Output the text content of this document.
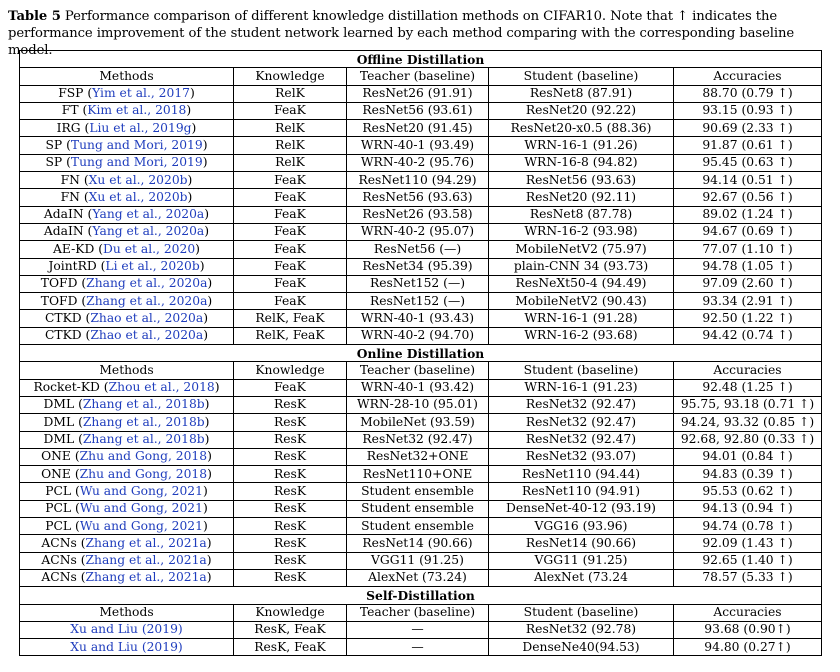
Table 5 Performance comparison of different knowledge distillation methods on CIFAR10. Note that ↑ indicates the performance improvement of the student network learned by each method comparing with the corresponding baseline model.
Offline Distillation				
Methods	Knowledge	Teacher (baseline)	Student (baseline)	Accuracies
FSP (Yim et al., 2017)	RelK	ResNet26 (91.91)	ResNet8 (87.91)	88.70 (0.79 ↑)
FT (Kim et al., 2018)	FeaK	ResNet56 (93.61)	ResNet20 (92.22)	93.15 (0.93 ↑)
IRG (Liu et al., 2019g)	RelK	ResNet20 (91.45)	ResNet20-x0.5 (88.36)	90.69 (2.33 ↑)
SP (Tung and Mori, 2019)	RelK	WRN-40-1 (93.49)	WRN-16-1 (91.26)	91.87 (0.61 ↑)
SP (Tung and Mori, 2019)	RelK	WRN-40-2 (95.76)	WRN-16-8 (94.82)	95.45 (0.63 ↑)
FN (Xu et al., 2020b)	FeaK	ResNet110 (94.29)	ResNet56 (93.63)	94.14 (0.51 ↑)
FN (Xu et al., 2020b)	FeaK	ResNet56 (93.63)	ResNet20 (92.11)	92.67 (0.56 ↑)
AdaIN (Yang et al., 2020a)	FeaK	ResNet26 (93.58)	ResNet8 (87.78)	89.02 (1.24 ↑)
AdaIN (Yang et al., 2020a)	FeaK	WRN-40-2 (95.07)	WRN-16-2 (93.98)	94.67 (0.69 ↑)
AE-KD (Du et al., 2020)	FeaK	ResNet56 (—)	MobileNetV2 (75.97)	77.07 (1.10 ↑)
JointRD (Li et al., 2020b)	FeaK	ResNet34 (95.39)	plain-CNN 34 (93.73)	94.78 (1.05 ↑)
TOFD (Zhang et al., 2020a)	FeaK	ResNet152 (—)	ResNeXt50-4 (94.49)	97.09 (2.60 ↑)
TOFD (Zhang et al., 2020a)	FeaK	ResNet152 (—)	MobileNetV2 (90.43)	93.34 (2.91 ↑)
CTKD (Zhao et al., 2020a)	RelK, FeaK	WRN-40-1 (93.43)	WRN-16-1 (91.28)	92.50 (1.22 ↑)
CTKD (Zhao et al., 2020a)	RelK, FeaK	WRN-40-2 (94.70)	WRN-16-2 (93.68)	94.42 (0.74 ↑)
Online Distillation				
Methods	Knowledge	Teacher (baseline)	Student (baseline)	Accuracies
Rocket-KD (Zhou et al., 2018)	FeaK	WRN-40-1 (93.42)	WRN-16-1 (91.23)	92.48 (1.25 ↑)
DML (Zhang et al., 2018b)	ResK	WRN-28-10 (95.01)	ResNet32 (92.47)	95.75, 93.18 (0.71 ↑)
DML (Zhang et al., 2018b)	ResK	MobileNet (93.59)	ResNet32 (92.47)	94.24, 93.32 (0.85 ↑)
DML (Zhang et al., 2018b)	ResK	ResNet32 (92.47)	ResNet32 (92.47)	92.68, 92.80 (0.33 ↑)
ONE (Zhu and Gong, 2018)	ResK	ResNet32+ONE	ResNet32 (93.07)	94.01 (0.84 ↑)
ONE (Zhu and Gong, 2018)	ResK	ResNet110+ONE	ResNet110 (94.44)	94.83 (0.39 ↑)
PCL (Wu and Gong, 2021)	ResK	Student ensemble	ResNet110 (94.91)	95.53 (0.62 ↑)
PCL (Wu and Gong, 2021)	ResK	Student ensemble	DenseNet-40-12 (93.19)	94.13 (0.94 ↑)
PCL (Wu and Gong, 2021)	ResK	Student ensemble	VGG16 (93.96)	94.74 (0.78 ↑)
ACNs (Zhang et al., 2021a)	ResK	ResNet14 (90.66)	ResNet14 (90.66)	92.09 (1.43 ↑)
ACNs (Zhang et al., 2021a)	ResK	VGG11 (91.25)	VGG11 (91.25)	92.65 (1.40 ↑)
ACNs (Zhang et al., 2021a)	ResK	AlexNet (73.24)	AlexNet (73.24	78.57 (5.33 ↑)
Self-Distillation				
Methods	Knowledge	Teacher (baseline)	Student (baseline)	Accuracies
Xu and Liu (2019)	ResK, FeaK	—	ResNet32 (92.78)	93.68 (0.90↑)
Xu and Liu (2019)	ResK, FeaK	—	DenseNe40(94.53)	94.80 (0.27↑)
